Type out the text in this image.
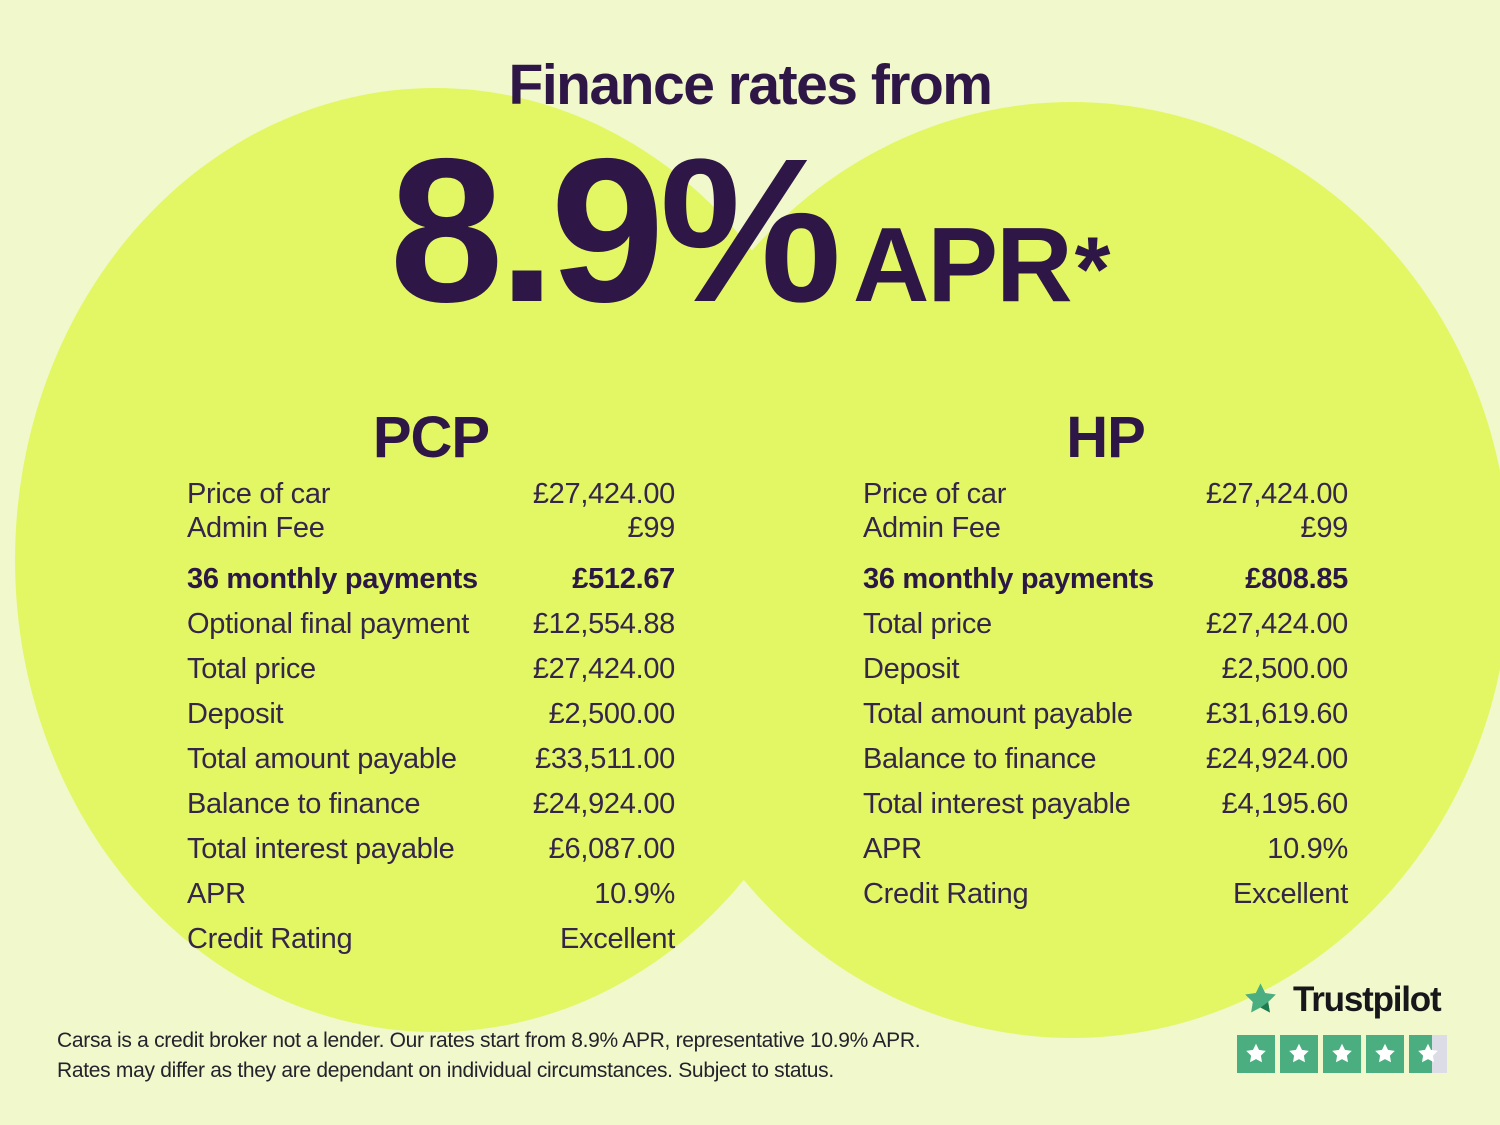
Finance rates from
8.9% APR *
PCP	HP
Price of car	£27,424.00
Admin Fee	£99
36 monthly payments	£512.67
Optional final payment £12,554.88
Total price	£27,424.00
Deposit	£2,500.00
Total amount payable	£33,511.00
Balance to finance	£24,924.00
Total interest payable	£6,087.00
APR	10.9%
Credit Rating	Excellent
Price of car	£27,424.00
Admin Fee	£99
36 monthly payments	£808.85
Total price	£27,424.00
Deposit	£2,500.00
Total amount payable	£31,619.60
Balance to finance	£24,924.00
Total interest payable	£4,195.60
APR	10.9%
Credit Rating	Excellent
Carsa is a credit broker not a lender. Our rates start from 8.9% APR, representative 10.9% APR.
Rates may differ as they are dependant on individual circumstances. Subject to status.
Trustpilot
